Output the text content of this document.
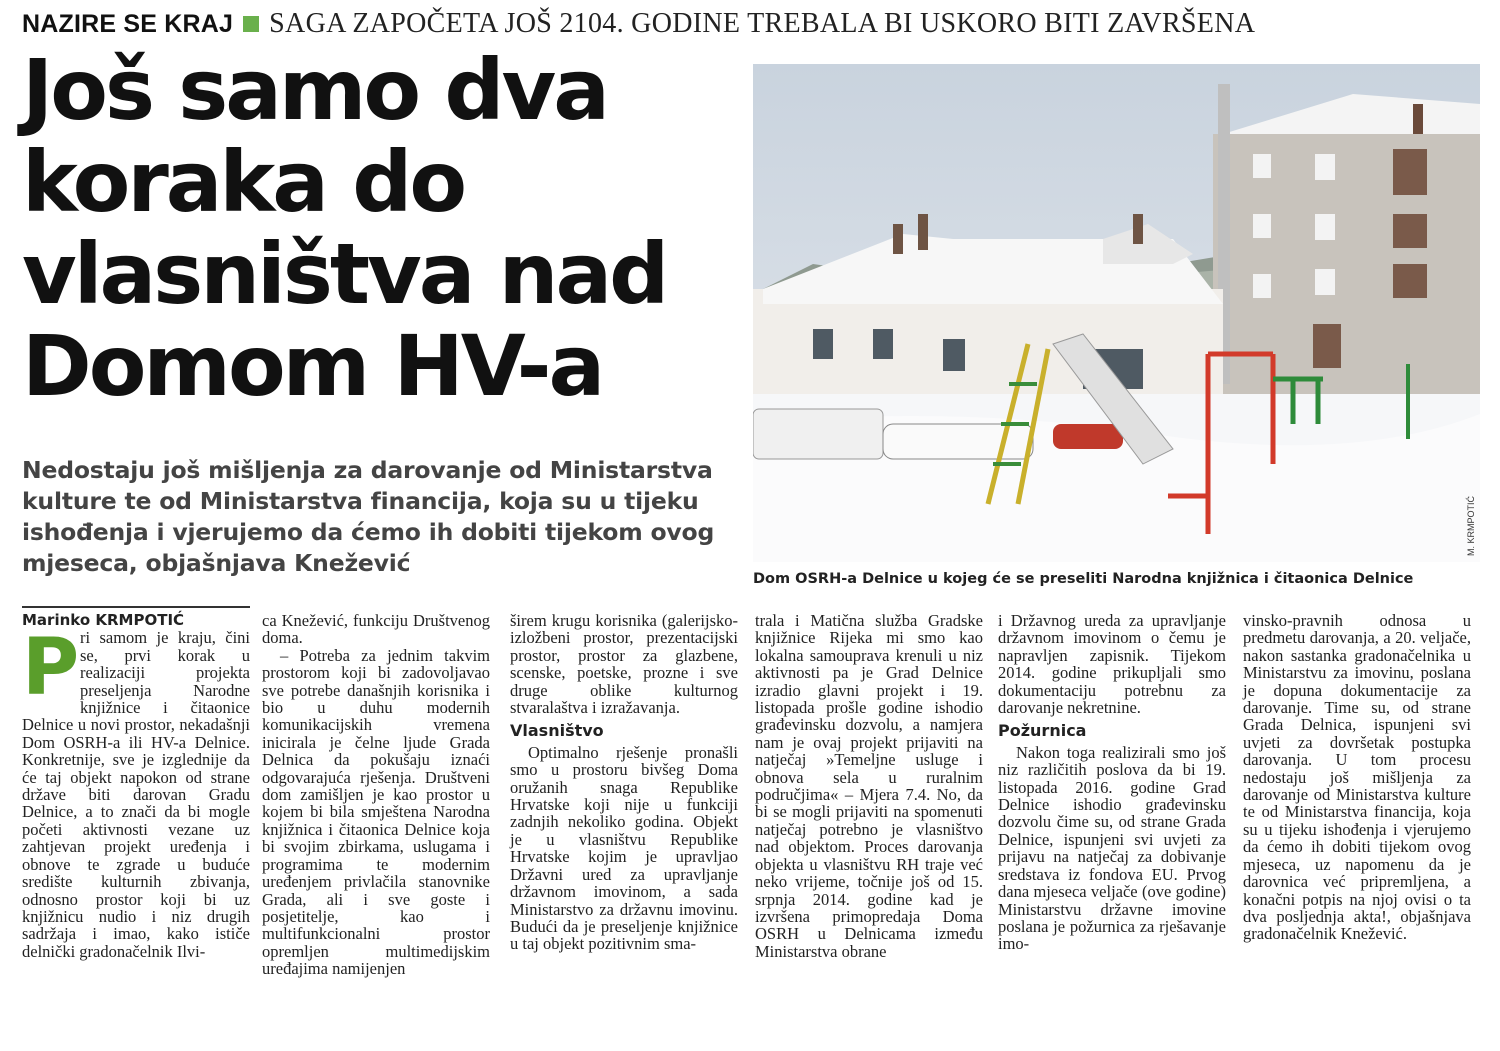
NAZIRE SE KRAJ SAGA ZAPOČETA JOŠ 2104. GODINE TREBALA BI USKORO BITI ZAVRŠENA
Još samo dva koraka do vlasništva nad Domom HV-a

Nedostaju još mišljenja za darovanje od Ministarstva kulture te od Ministarstva financija, koja su u tijeku ishođenja i vjerujemo da ćemo ih dobiti tijekom ovog mjeseca, objašnjava Knežević

M. KRMPOTIĆ

Dom OSRH-a Delnice u kojeg će se preseliti Narodna knjižnica i čitaonica Delnice

Marinko KRMPOTIĆ

P ri samom je kraju, čini se, prvi korak u realizaciji projekta preseljenja Narodne knjižnice i čitaonice Delnice u novi prostor, nekadašnji Dom OSRH-a ili HV-a Delnice. Konkretnije, sve je izglednije da će taj objekt napokon od strane države biti darovan Gradu Delnice, a to znači da bi mogle početi aktivnosti vezane uz zahtjevan projekt uređenja i obnove te zgrade u buduće središte kulturnih zbivanja, odnosno prostor koji bi uz knjižnicu nudio i niz drugih sadržaja i imao, kako ističe delnički gradonačelnik Ilvi-

ca Knežević, funkciju Društvenog doma.

– Potreba za jednim takvim prostorom koji bi zadovoljavao sve potrebe današnjih korisnika i bio u duhu modernih komunikacijskih vremena inicirala je čelne ljude Grada Delnica da pokušaju iznaći odgovarajuća rješenja. Društveni dom zamišljen je kao prostor u kojem bi bila smještena Narodna knjižnica i čitaonica Delnice koja bi svojim zbirkama, uslugama i programima te modernim uređenjem privlačila stanovnike Grada, ali i sve goste i posjetitelje, kao i multifunkcionalni prostor opremljen multimedijskim uređajima namijenjen

širem krugu korisnika (galerijsko-izložbeni prostor, prezentacijski prostor, prostor za glazbene, scenske, poetske, prozne i sve druge oblike kulturnog stvaralaštva i izražavanja.

Vlasništvo

Optimalno rješenje pronašli smo u prostoru bivšeg Doma oružanih snaga Republike Hrvatske koji nije u funkciji zadnjih nekoliko godina. Objekt je u vlasništvu Republike Hrvatske kojim je upravljao Državni ured za upravljanje državnom imovinom, a sada Ministarstvo za državnu imovinu. Budući da je preseljenje knjižnice u taj objekt pozitivnim sma-

trala i Matična služba Gradske knjižnice Rijeka mi smo kao lokalna samouprava krenuli u niz aktivnosti pa je Grad Delnice izradio glavni projekt i 19. listopada prošle godine ishodio građevinsku dozvolu, a namjera nam je ovaj projekt prijaviti na natječaj »Temeljne usluge i obnova sela u ruralnim područjima« – Mjera 7.4. No, da bi se mogli prijaviti na spomenuti natječaj potrebno je vlasništvo nad objektom. Proces darovanja objekta u vlasništvu RH traje već neko vrijeme, točnije još od 15. srpnja 2014. godine kad je izvršena primopredaja Doma OSRH u Delnicama između Ministarstva obrane

i Državnog ureda za upravljanje državnom imovinom o čemu je napravljen zapisnik. Tijekom 2014. godine prikupljali smo dokumentaciju potrebnu za darovanje nekretnine.

Požurnica

Nakon toga realizirali smo još niz različitih poslova da bi 19. listopada 2016. godine Grad Delnice ishodio građevinsku dozvolu čime su, od strane Grada Delnice, ispunjeni svi uvjeti za prijavu na natječaj za dobivanje sredstava iz fondova EU. Prvog dana mjeseca veljače (ove godine) Ministarstvu državne imovine poslana je požurnica za rješavanje imo-

vinsko-pravnih odnosa u predmetu darovanja, a 20. veljače, nakon sastanka gradonačelnika u Ministarstvu za imovinu, poslana je dopuna dokumentacije za darovanje. Time su, od strane Grada Delnica, ispunjeni svi uvjeti za dovršetak postupka darovanja. U tom procesu nedostaju još mišljenja za darovanje od Ministarstva kulture te od Ministarstva financija, koja su u tijeku ishođenja i vjerujemo da ćemo ih dobiti tijekom ovog mjeseca, uz napomenu da je darovnica već pripremljena, a konačni potpis na njoj ovisi o ta dva posljednja akta!, objašnjava gradonačelnik Knežević.
